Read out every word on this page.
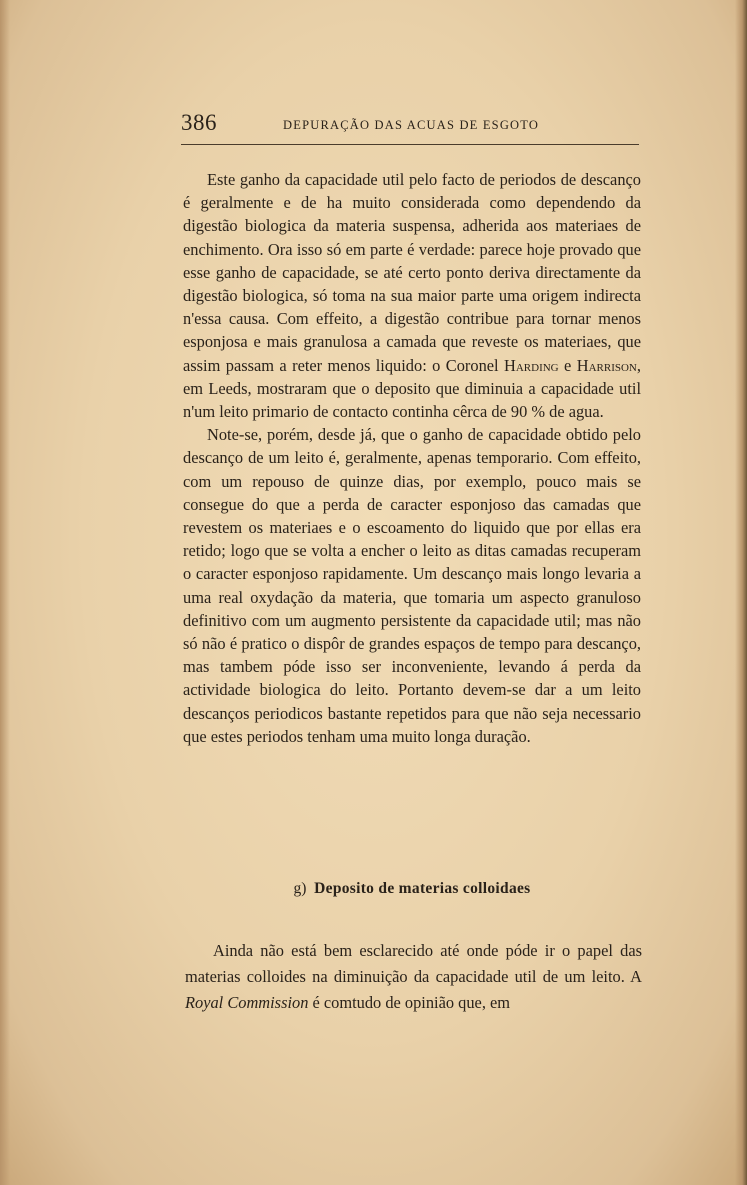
386	DEPURAÇÃO DAS ACUAS DE ESGOTO

Este ganho da capacidade util pelo facto de periodos de descanço é geralmente e de ha muito considerada como dependendo da digestão biologica da materia suspensa, adherida aos materiaes de enchimento. Ora isso só em parte é verdade: parece hoje provado que esse ganho de capacidade, se até certo ponto deriva directamente da digestão biologica, só toma na sua maior parte uma origem indirecta n'essa causa. Com effeito, a digestão contribue para tornar menos esponjosa e mais granulosa a camada que reveste os materiaes, que assim passam a reter menos liquido: o Coronel Harding e Harrison, em Leeds, mostraram que o deposito que diminuia a capacidade util n'um leito primario de contacto continha cêrca de 90 % de agua.

Note-se, porém, desde já, que o ganho de capacidade obtido pelo descanço de um leito é, geralmente, apenas temporario. Com effeito, com um repouso de quinze dias, por exemplo, pouco mais se consegue do que a perda de caracter esponjoso das camadas que revestem os materiaes e o escoamento do liquido que por ellas era retido; logo que se volta a encher o leito as ditas camadas recuperam o caracter esponjoso rapidamente. Um descanço mais longo levaria a uma real oxydação da materia, que tomaria um aspecto granuloso definitivo com um augmento persistente da capacidade util; mas não só não é pratico o dispôr de grandes espaços de tempo para descanço, mas tambem póde isso ser inconveniente, levando á perda da actividade biologica do leito. Portanto devem-se dar a um leito descanços periodicos bastante repetidos para que não seja necessario que estes periodos tenham uma muito longa duração.

g) Deposito de materias colloidaes

Ainda não está bem esclarecido até onde póde ir o papel das materias colloides na diminuição da capacidade util de um leito. A Royal Commission é comtudo de opinião que, em
